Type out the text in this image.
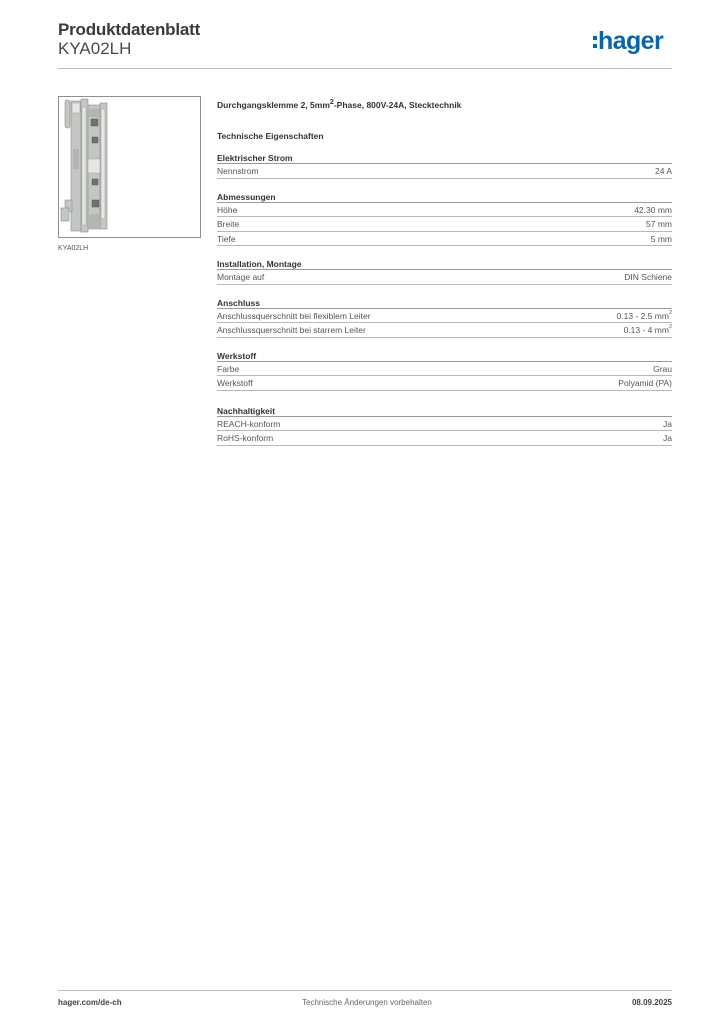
Produktdatenblatt
KYA02LH	hager
KYA02LH
Durchgangsklemme 2, $5mm^2$-Phase, 800V-24A, Stecktechnik
Technische Eigenschaften
Elektrischer Strom
Nennstrom	24 A
Abmessungen
Höhe	42.30 mm
Breite	57 mm
Tiefe	5 mm
Installation, Montage
Montage auf	DIN Schiene
Anschluss
Anschlussquerschnitt bei flexiblem Leiter	0.13 - 2.5 $mm^2$
Anschlussquerschnitt bei starrem Leiter	0.13 - 4 $mm^2$
Werkstoff
Farbe	Grau
Werkstoff	Polyamid (PA)
Nachhaltigkeit
REACH-konform	Ja
RoHS-konform	Ja
hager.com/de-ch	Technische Änderungen vorbehalten	08.09.2025
